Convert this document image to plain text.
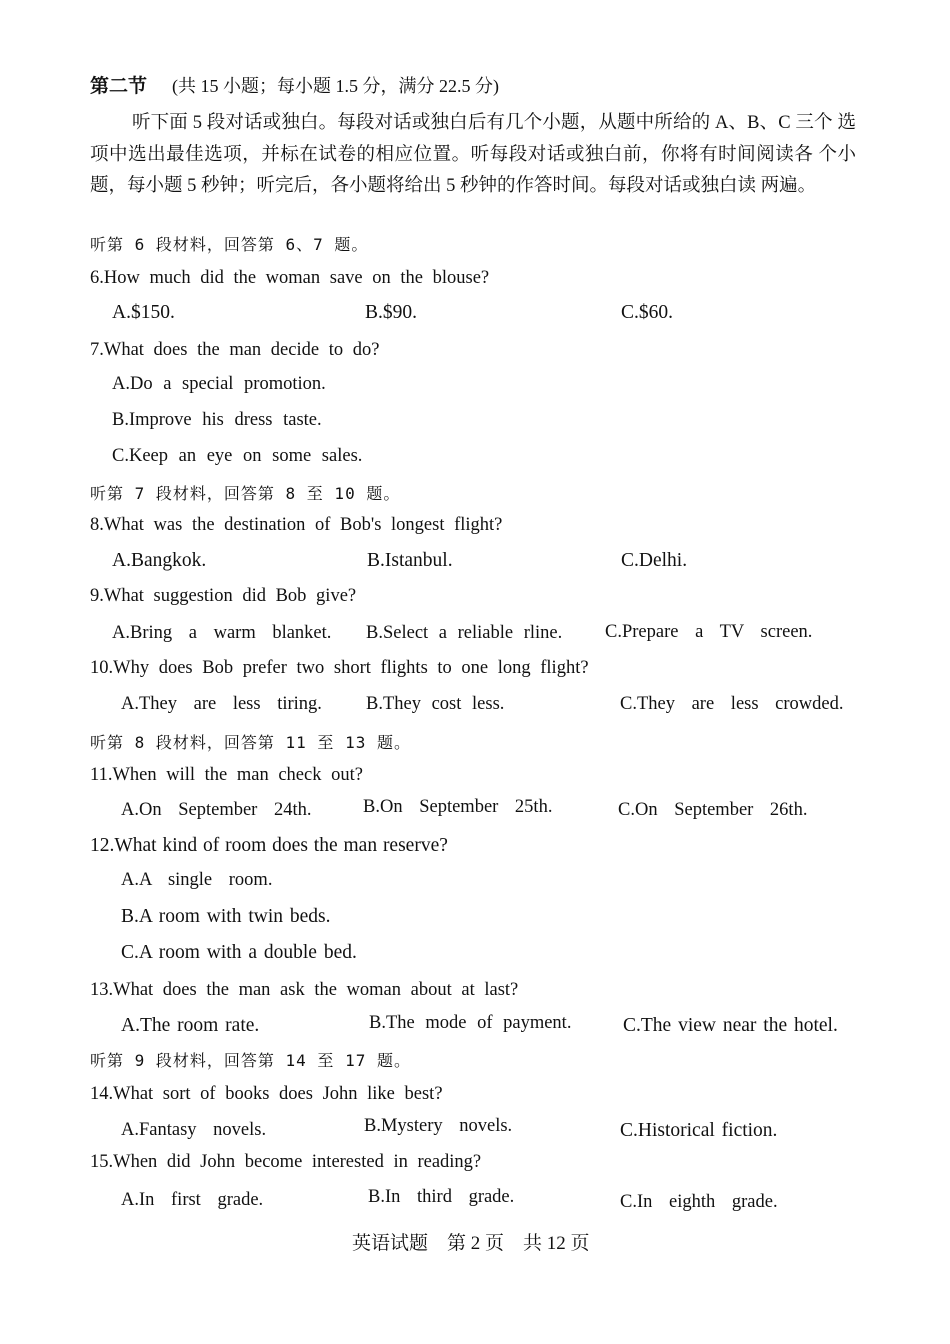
第二节 (共 15 小题；每小题 1.5 分，满分 22.5 分)
听下面 5 段对话或独白。每段对话或独白后有几个小题，从题中所给的 A、B、C 三个 选项中选出最佳选项，并标在试卷的相应位置。听每段对话或独白前，你将有时间阅读各 个小题，每小题 5 秒钟；听完后，各小题将给出 5 秒钟的作答时间。每段对话或独白读 两遍。
听第 6 段材料，回答第 6、7 题。
6.How much did the woman save on the blouse?
A.$150.	B.$90.	C.$60.
7.What does the man decide to do?
A.Do a special promotion.
B.Improve his dress taste.
C.Keep an eye on some sales.
听第 7 段材料，回答第 8 至 10 题。
8.What was the destination of Bob's longest flight?
A.Bangkok.	B.Istanbul.	C.Delhi.
9.What suggestion did Bob give?
A.Bring a warm blanket. B.Select a reliable rline. C.Prepare a TV screen.
10.Why does Bob prefer two short flights to one long flight?
A.They are less tiring. B.They cost less.	C.They are less crowded.
听第 8 段材料，回答第 11 至 13 题。
11.When will the man check out?
A.On September 24th.	B.On September 25th.	C.On September 26th.
12.What kind of room does the man reserve?
A.A single room.
B.A room with twin beds.
C.A room with a double bed.
13.What does the man ask the woman about at last?
A.The room rate.	B.The mode of payment.	C.The view near the hotel.
听第 9 段材料，回答第 14 至 17 题。
14.What sort of books does John like best?
A.Fantasy novels.	B.Mystery novels.	C.Historical fiction.
15.When did John become interested in reading?
A.In first grade.	B.In third grade.	C.In eighth grade.
英语试题　第 2 页　共 12 页
